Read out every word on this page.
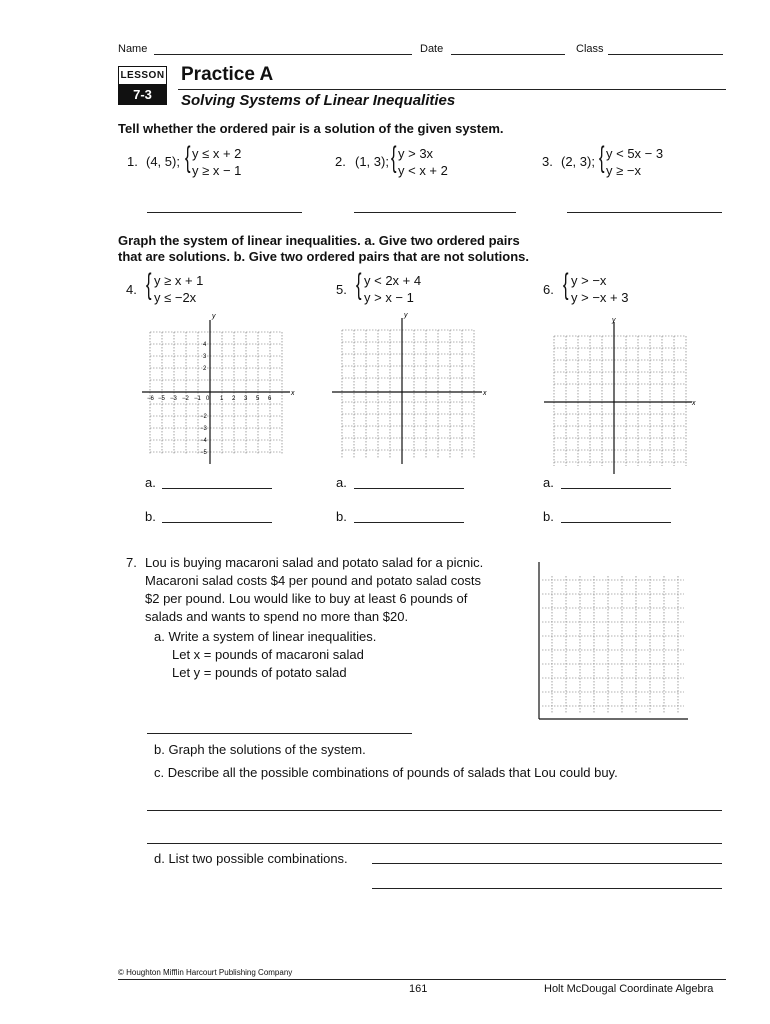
Name	Date	Class
LESSON
7-3
Practice A
Solving Systems of Linear Inequalities
Tell whether the ordered pair is a solution of the given system.
1. (4, 5); { y ≤ x + 2
y ≥ x − 1
2. (1, 3); { y > 3x
y < x + 2
3. (2, 3); { y < 5x − 3
y ≥ −x
Graph the system of linear inequalities. a. Give two ordered pairs
that are solutions. b. Give two ordered pairs that are not solutions.
4. { y ≥ x + 1
y ≤ −2x
5. { y < 2x + 4
y > x − 1
6. { y > −x
y > −x + 3
x
y
−6 −5 −3 −2 −1 0 1 2 3 5 6
4
3
2
−2
−3
−4
−5
x
y
x
y
a.
b.
a.
b.
a.
b.
7. Lou is buying macaroni salad and potato salad for a picnic.
Macaroni salad costs $4 per pound and potato salad costs
$2 per pound. Lou would like to buy at least 6 pounds of
salads and wants to spend no more than $20.
a. Write a system of linear inequalities.
Let x = pounds of macaroni salad
Let y = pounds of potato salad
b. Graph the solutions of the system.
c. Describe all the possible combinations of pounds of salads that Lou could buy.
d. List two possible combinations.
© Houghton Mifflin Harcourt Publishing Company
161	Holt McDougal Coordinate Algebra
